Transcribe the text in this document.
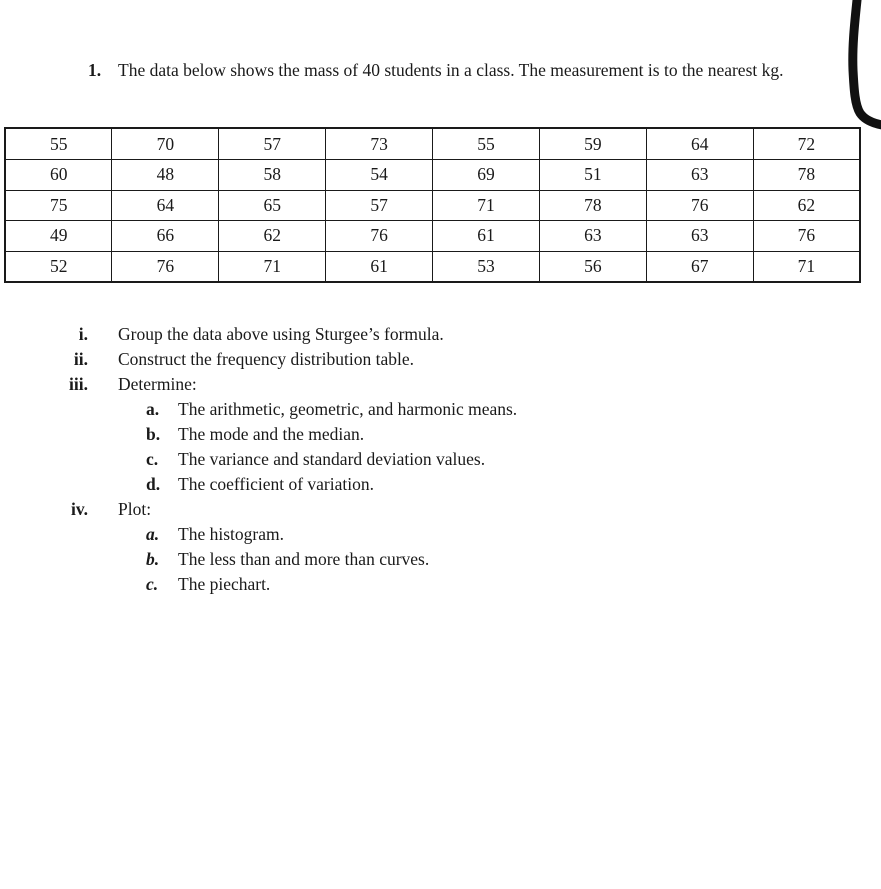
1. The data below shows the mass of 40 students in a class. The measurement is to the nearest kg.
55	70	57	73	55	59	64	72
60	48	58	54	69	51	63	78
75	64	65	57	71	78	76	62
49	66	62	76	61	63	63	76
52	76	71	61	53	56	67	71
i. Group the data above using Sturgee’s formula.
ii. Construct the frequency distribution table.
iii. Determine:
a. The arithmetic, geometric, and harmonic means.
b. The mode and the median.
c. The variance and standard deviation values.
d. The coefficient of variation.
iv. Plot:
a. The histogram.
b. The less than and more than curves.
c. The piechart.
